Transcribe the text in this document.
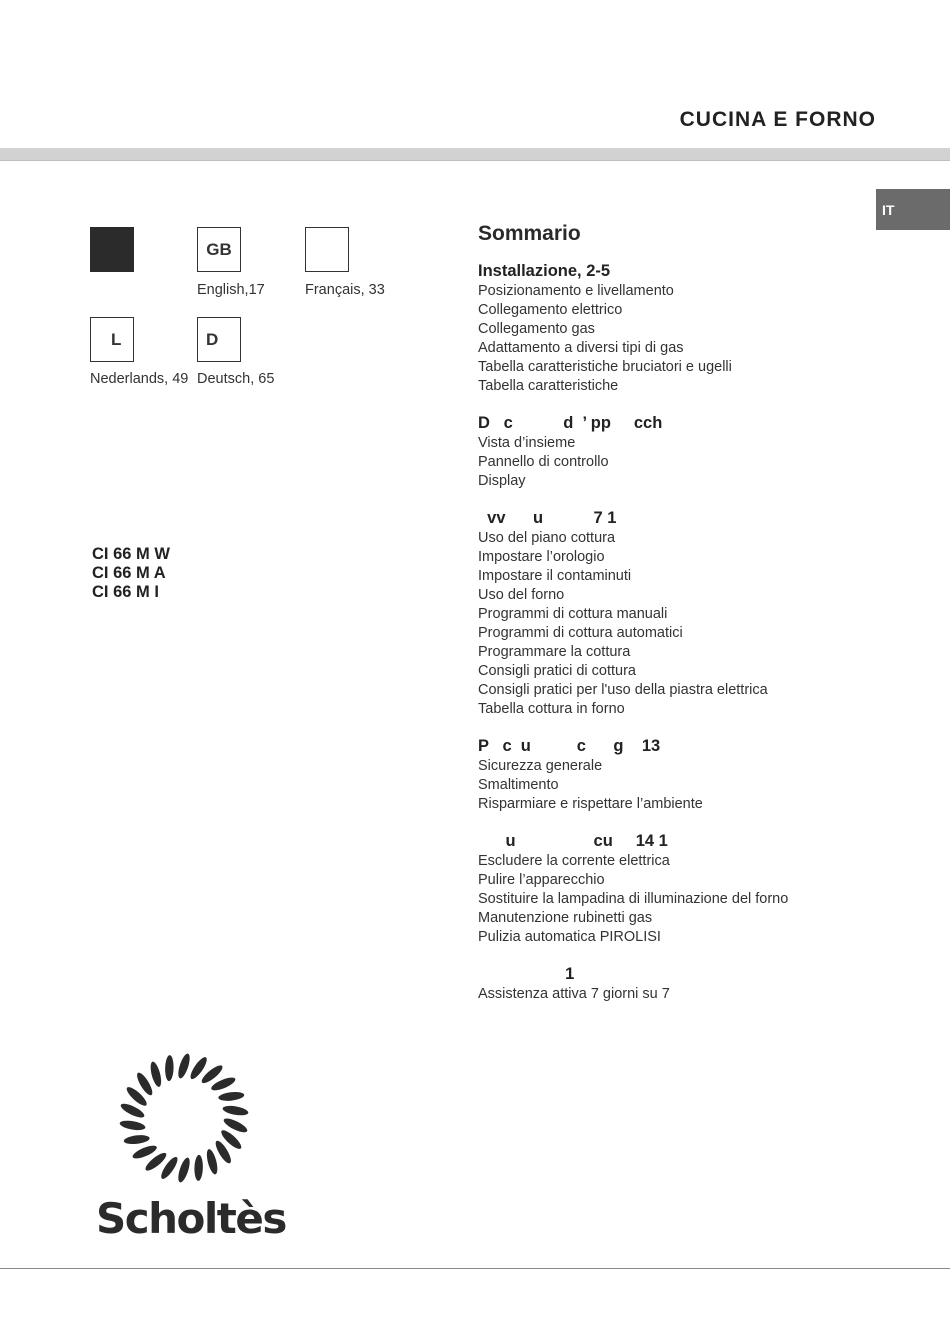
CUCINA E FORNO
IT
GB
English,17	Français, 33
L	D
Nederlands, 49 Deutsch, 65
CI 66 M W
CI 66 M A
CI 66 M I
Sommario
Installazione, 2-5
Posizionamento e livellamento
Collegamento elettrico
Collegamento gas
Adattamento a diversi tipi di gas
Tabella caratteristiche bruciatori e ugelli
Tabella caratteristiche
D   c           d  ’ pp     cch
Vista d’insieme
Pannello di controllo
Display
vv      u           7 1
Uso del piano cottura
Impostare l’orologio
Impostare il contaminuti
Uso del forno
Programmi di cottura manuali
Programmi di cottura automatici
Programmare la cottura
Consigli pratici di cottura
Consigli pratici per l'uso della piastra elettrica
Tabella cottura in forno
P   c  u          c      g    13
Sicurezza generale
Smaltimento
Risparmiare e rispettare l’ambiente
u                 cu     14 1
Escludere la corrente elettrica
Pulire l’apparecchio
Sostituire la lampadina di illuminazione del forno
Manutenzione rubinetti gas
Pulizia automatica PIROLISI
1
Assistenza attiva 7 giorni su 7
Scholtès
